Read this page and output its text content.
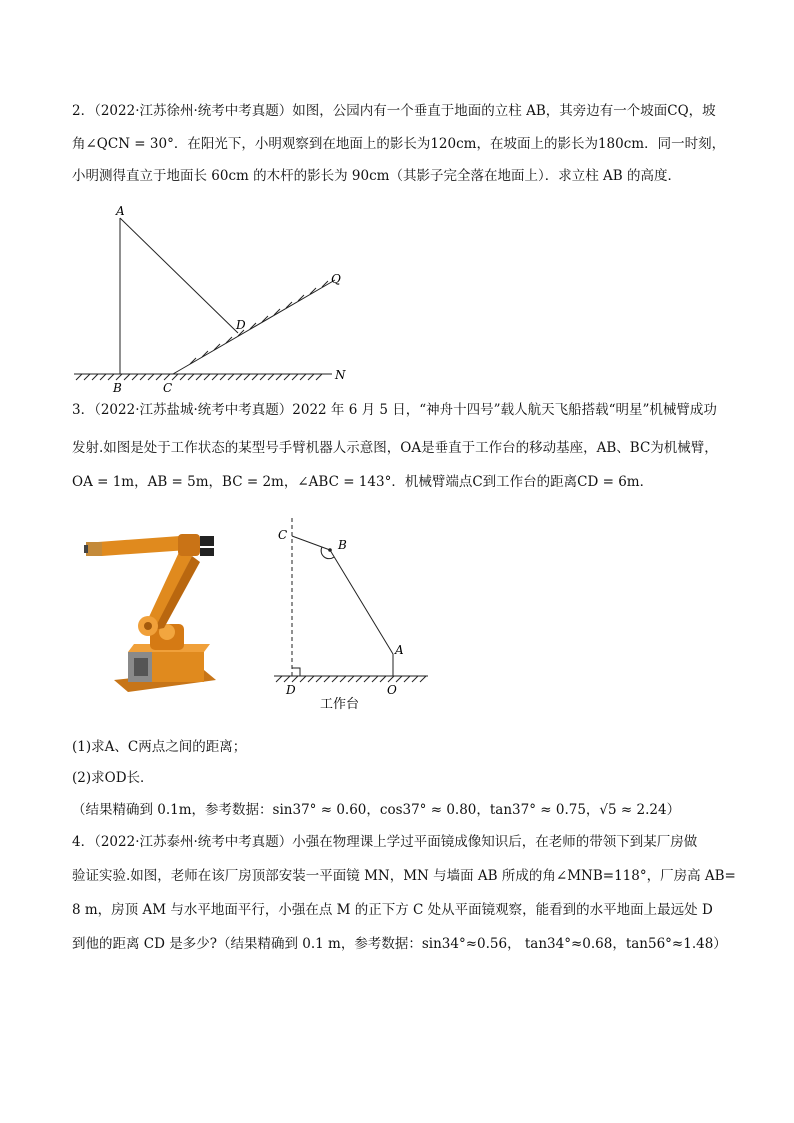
2．（2022·江苏徐州·统考中考真题）如图，公园内有一个垂直于地面的立柱 AB，其旁边有一个坡面CQ，坡
角∠QCN = 30°．在阳光下，小明观察到在地面上的影长为120cm，在坡面上的影长为180cm．同一时刻，
小明测得直立于地面长 60cm 的木杆的影长为 90cm（其影子完全落在地面上）．求立柱 AB 的高度．
A
B	C
D
Q
N
3．（2022·江苏盐城·统考中考真题）2022 年 6 月 5 日，“神舟十四号”载人航天飞船搭载“明星”机械臂成功
发射.如图是处于工作状态的某型号手臂机器人示意图，OA是垂直于工作台的移动基座，AB、BC为机械臂，
OA = 1m，AB = 5m，BC = 2m，∠ABC = 143°．机械臂端点C到工作台的距离CD = 6m．
C
B
A
D	O
工作台
(1)求A、C两点之间的距离；
(2)求OD长．
（结果精确到 0.1m，参考数据：sin37° ≈ 0.60，cos37° ≈ 0.80，tan37° ≈ 0.75，√5 ≈ 2.24）
4．（2022·江苏泰州·统考中考真题）小强在物理课上学过平面镜成像知识后，在老师的带领下到某厂房做
验证实验.如图，老师在该厂房顶部安装一平面镜 MN，MN 与墙面 AB 所成的角∠MNB=118°，厂房高 AB=
8 m，房顶 AM 与水平地面平行，小强在点 M 的正下方 C 处从平面镜观察，能看到的水平地面上最远处 D
到他的距离 CD 是多少?（结果精确到 0.1 m，参考数据：sin34°≈0.56， tan34°≈0.68，tan56°≈1.48）
